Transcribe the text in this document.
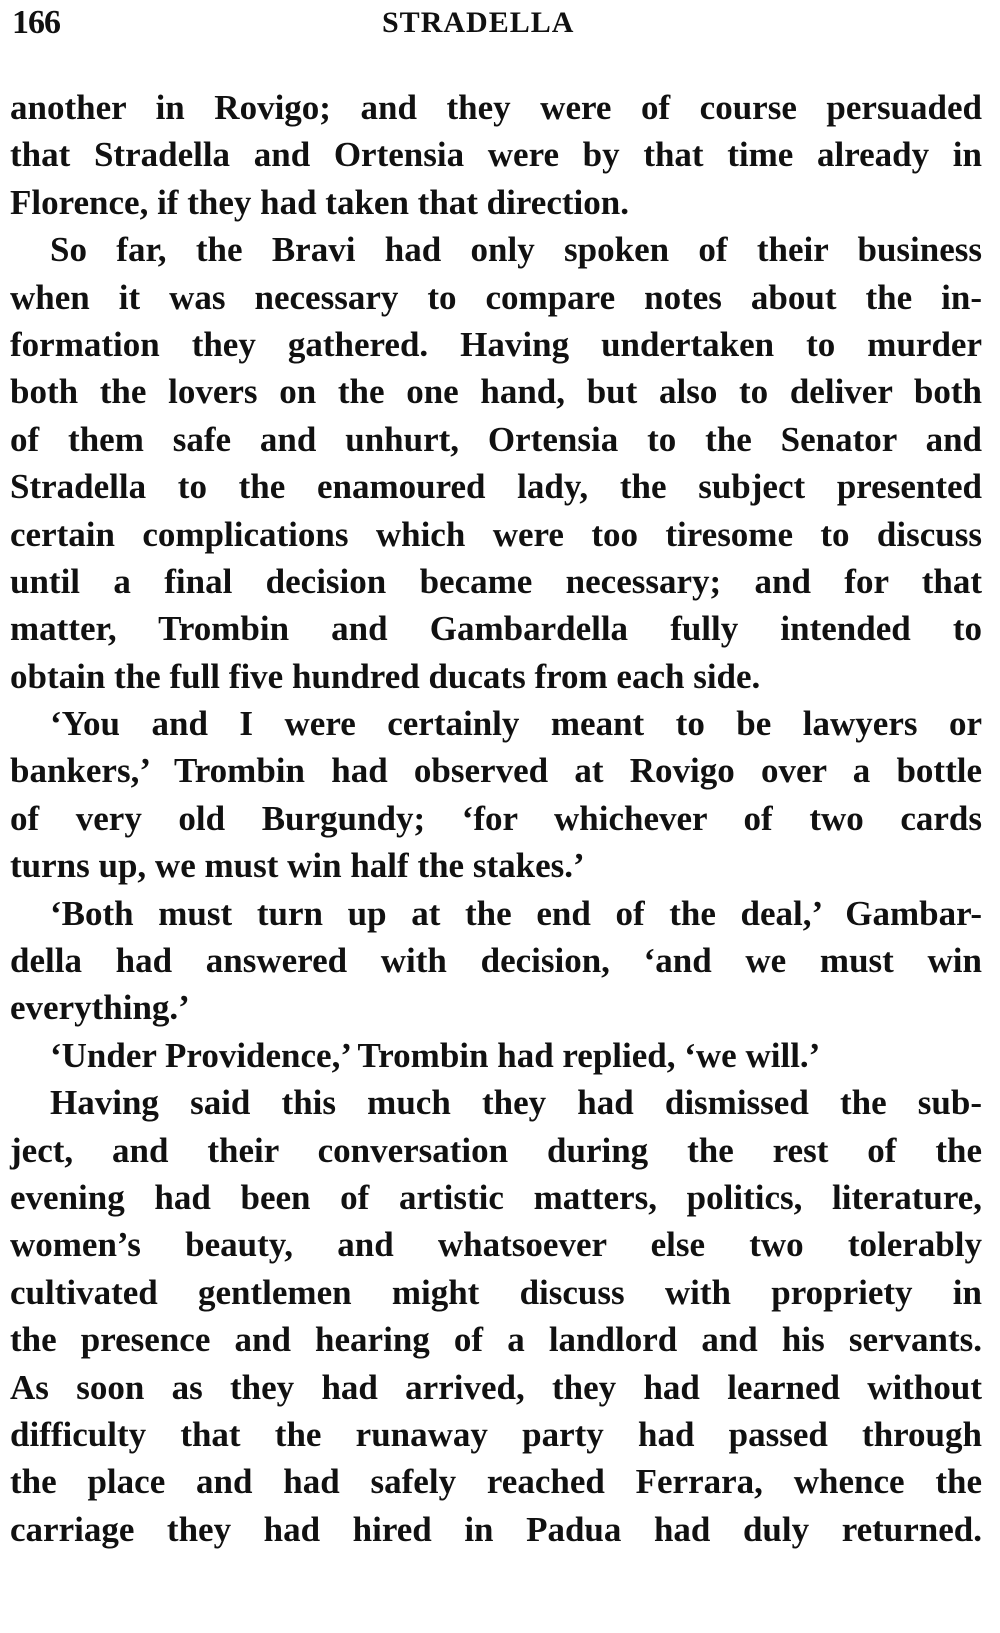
166	STRADELLA
another in Rovigo; and they were of course persuaded
that Stradella and Ortensia were by that time already in
Florence, if they had taken that direction.
So far, the Bravi had only spoken of their business
when it was necessary to compare notes about the in-
formation they gathered. Having undertaken to murder
both the lovers on the one hand, but also to deliver both
of them safe and unhurt, Ortensia to the Senator and
Stradella to the enamoured lady, the subject presented
certain complications which were too tiresome to discuss
until a final decision became necessary; and for that
matter, Trombin and Gambardella fully intended to
obtain the full five hundred ducats from each side.
‘You and I were certainly meant to be lawyers or
bankers,’ Trombin had observed at Rovigo over a bottle
of very old Burgundy; ‘for whichever of two cards
turns up, we must win half the stakes.’
‘Both must turn up at the end of the deal,’ Gambar-
della had answered with decision, ‘and we must win
everything.’
‘Under Providence,’ Trombin had replied, ‘we will.’
Having said this much they had dismissed the sub-
ject, and their conversation during the rest of the
evening had been of artistic matters, politics, literature,
women’s beauty, and whatsoever else two tolerably
cultivated gentlemen might discuss with propriety in
the presence and hearing of a landlord and his servants.
As soon as they had arrived, they had learned without
difficulty that the runaway party had passed through
the place and had safely reached Ferrara, whence the
carriage they had hired in Padua had duly returned.
